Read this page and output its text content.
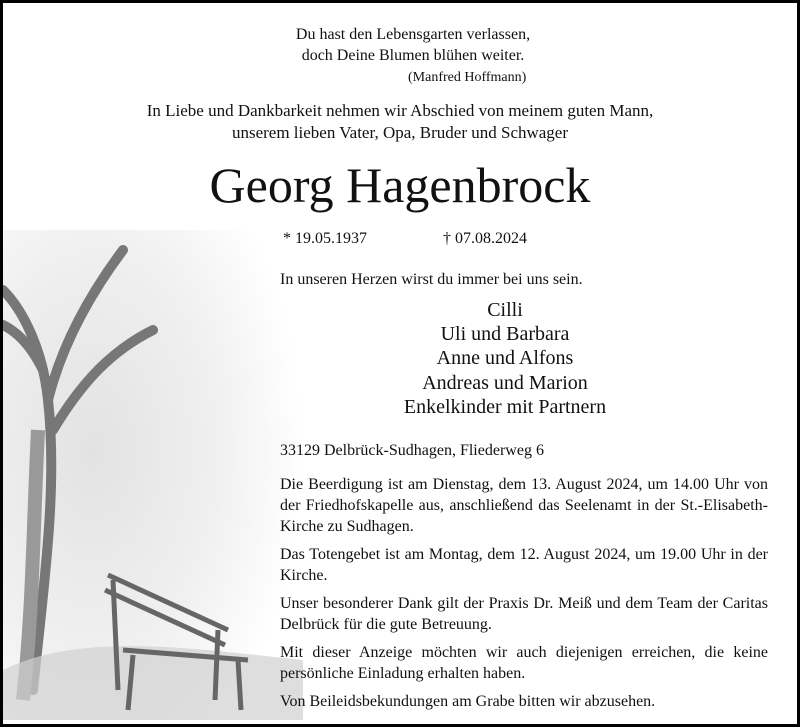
Du hast den Lebensgarten verlassen,
doch Deine Blumen blühen weiter.
(Manfred Hoffmann)
In Liebe und Dankbarkeit nehmen wir Abschied von meinem guten Mann,
unserem lieben Vater, Opa, Bruder und Schwager
Georg Hagenbrock
* 19.05.1937	† 07.08.2024
In unseren Herzen wirst du immer bei uns sein.
Cilli
Uli und Barbara
Anne und Alfons
Andreas und Marion
Enkelkinder mit Partnern
33129 Delbrück-Sudhagen, Fliederweg 6

Die Beerdigung ist am Dienstag, dem 13. August 2024, um 14.00 Uhr von der Friedhofskapelle aus, anschließend das Seelenamt in der St.-Elisabeth-Kirche zu Sudhagen.

Das Totengebet ist am Montag, dem 12. August 2024, um 19.00 Uhr in der Kirche.

Unser besonderer Dank gilt der Praxis Dr. Meiß und dem Team der Caritas Delbrück für die gute Betreuung.

Mit dieser Anzeige möchten wir auch diejenigen erreichen, die keine persönliche Einladung erhalten haben.

Von Beileidsbekundungen am Grabe bitten wir abzusehen.
